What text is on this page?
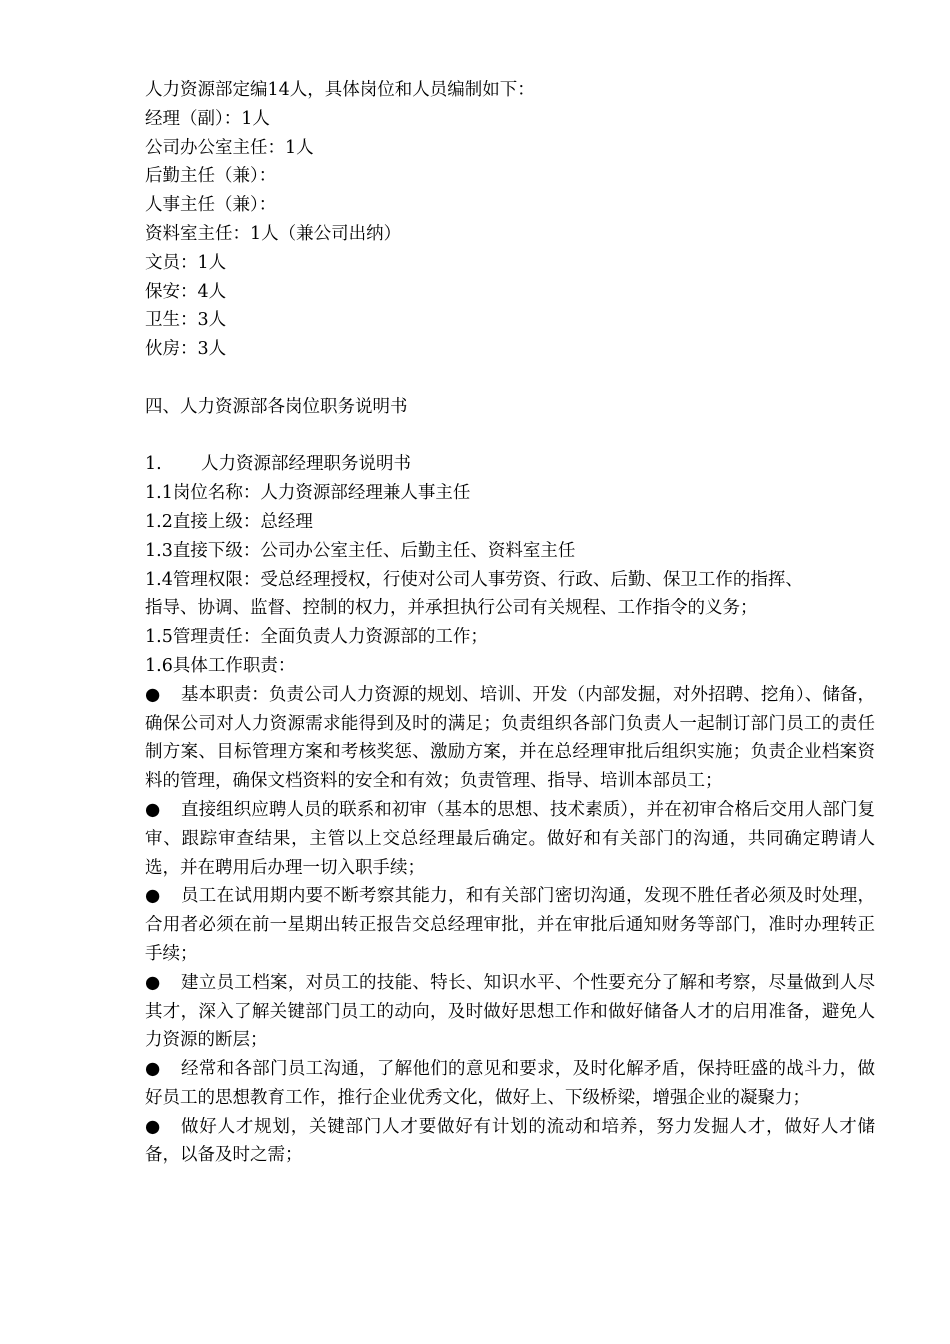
人力资源部定编14人，具体岗位和人员编制如下：
经理（副）：1人
公司办公室主任：1人
后勤主任（兼）：
人事主任（兼）：
资料室主任：1人（兼公司出纳）
文员：1人
保安：4人
卫生：3人
伙房：3人
四、人力资源部各岗位职务说明书
1. 人力资源部经理职务说明书
1.1岗位名称：人力资源部经理兼人事主任
1.2直接上级：总经理
1.3直接下级：公司办公室主任、后勤主任、资料室主任
1.4管理权限：受总经理授权，行使对公司人事劳资、行政、后勤、保卫工作的指挥、
指导、协调、监督、控制的权力，并承担执行公司有关规程、工作指令的义务；
1.5管理责任：全面负责人力资源部的工作；
1.6具体工作职责：
●	基本职责：负责公司人力资源的规划、培训、开发（内部发掘，对外招聘、挖角）、储备，确保公司对人力资源需求能得到及时的满足；负责组织各部门负责人一起制订部门员工的责任制方案、目标管理方案和考核奖惩、激励方案，并在总经理审批后组织实施；负责企业档案资料的管理，确保文档资料的安全和有效；负责管理、指导、培训本部员工；
●	直接组织应聘人员的联系和初审（基本的思想、技术素质），并在初审合格后交用人部门复审、跟踪审查结果，主管以上交总经理最后确定。做好和有关部门的沟通，共同确定聘请人选，并在聘用后办理一切入职手续；
●	员工在试用期内要不断考察其能力，和有关部门密切沟通，发现不胜任者必须及时处理，合用者必须在前一星期出转正报告交总经理审批，并在审批后通知财务等部门，准时办理转正手续；
●	建立员工档案，对员工的技能、特长、知识水平、个性要充分了解和考察，尽量做到人尽其才，深入了解关键部门员工的动向，及时做好思想工作和做好储备人才的启用准备，避免人力资源的断层；
●	经常和各部门员工沟通，了解他们的意见和要求，及时化解矛盾，保持旺盛的战斗力，做好员工的思想教育工作，推行企业优秀文化，做好上、下级桥梁，增强企业的凝聚力；
●	做好人才规划，关键部门人才要做好有计划的流动和培养，努力发掘人才，做好人才储备，以备及时之需；
